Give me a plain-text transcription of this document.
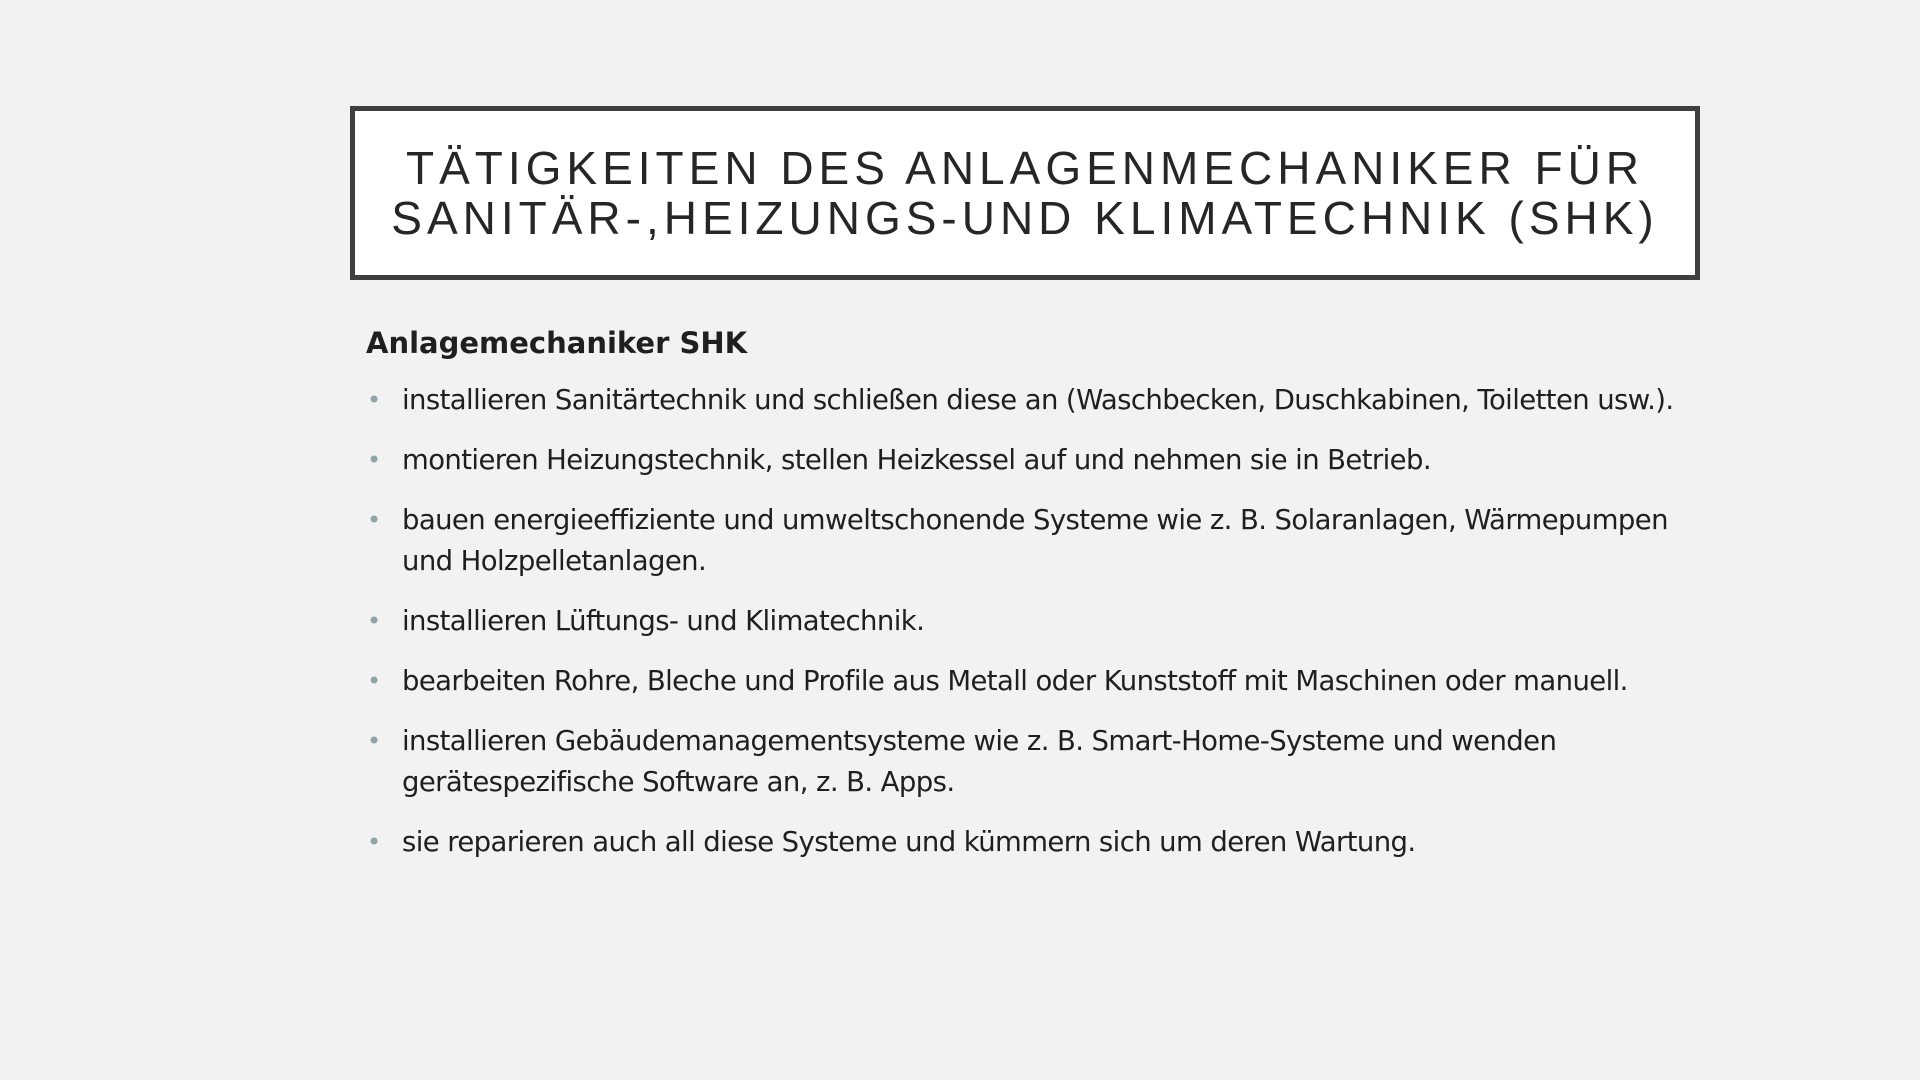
TÄTIGKEITEN DES ANLAGENMECHANIKER FÜR
SANITÄR-,HEIZUNGS-UND KLIMATECHNIK (SHK)
Anlagemechaniker SHK
• installieren Sanitärtechnik und schließen diese an (Waschbecken, Duschkabinen, Toiletten usw.).
• montieren Heizungstechnik, stellen Heizkessel auf und nehmen sie in Betrieb.
• bauen energieeffiziente und umweltschonende Systeme wie z. B. Solaranlagen, Wärmepumpen und Holzpelletanlagen.
• installieren Lüftungs- und Klimatechnik.
• bearbeiten Rohre, Bleche und Profile aus Metall oder Kunststoff mit Maschinen oder manuell.
• installieren Gebäudemanagementsysteme wie z. B. Smart-Home-Systeme und wenden gerätespezifische Software an, z. B. Apps.
• sie reparieren auch all diese Systeme und kümmern sich um deren Wartung.
